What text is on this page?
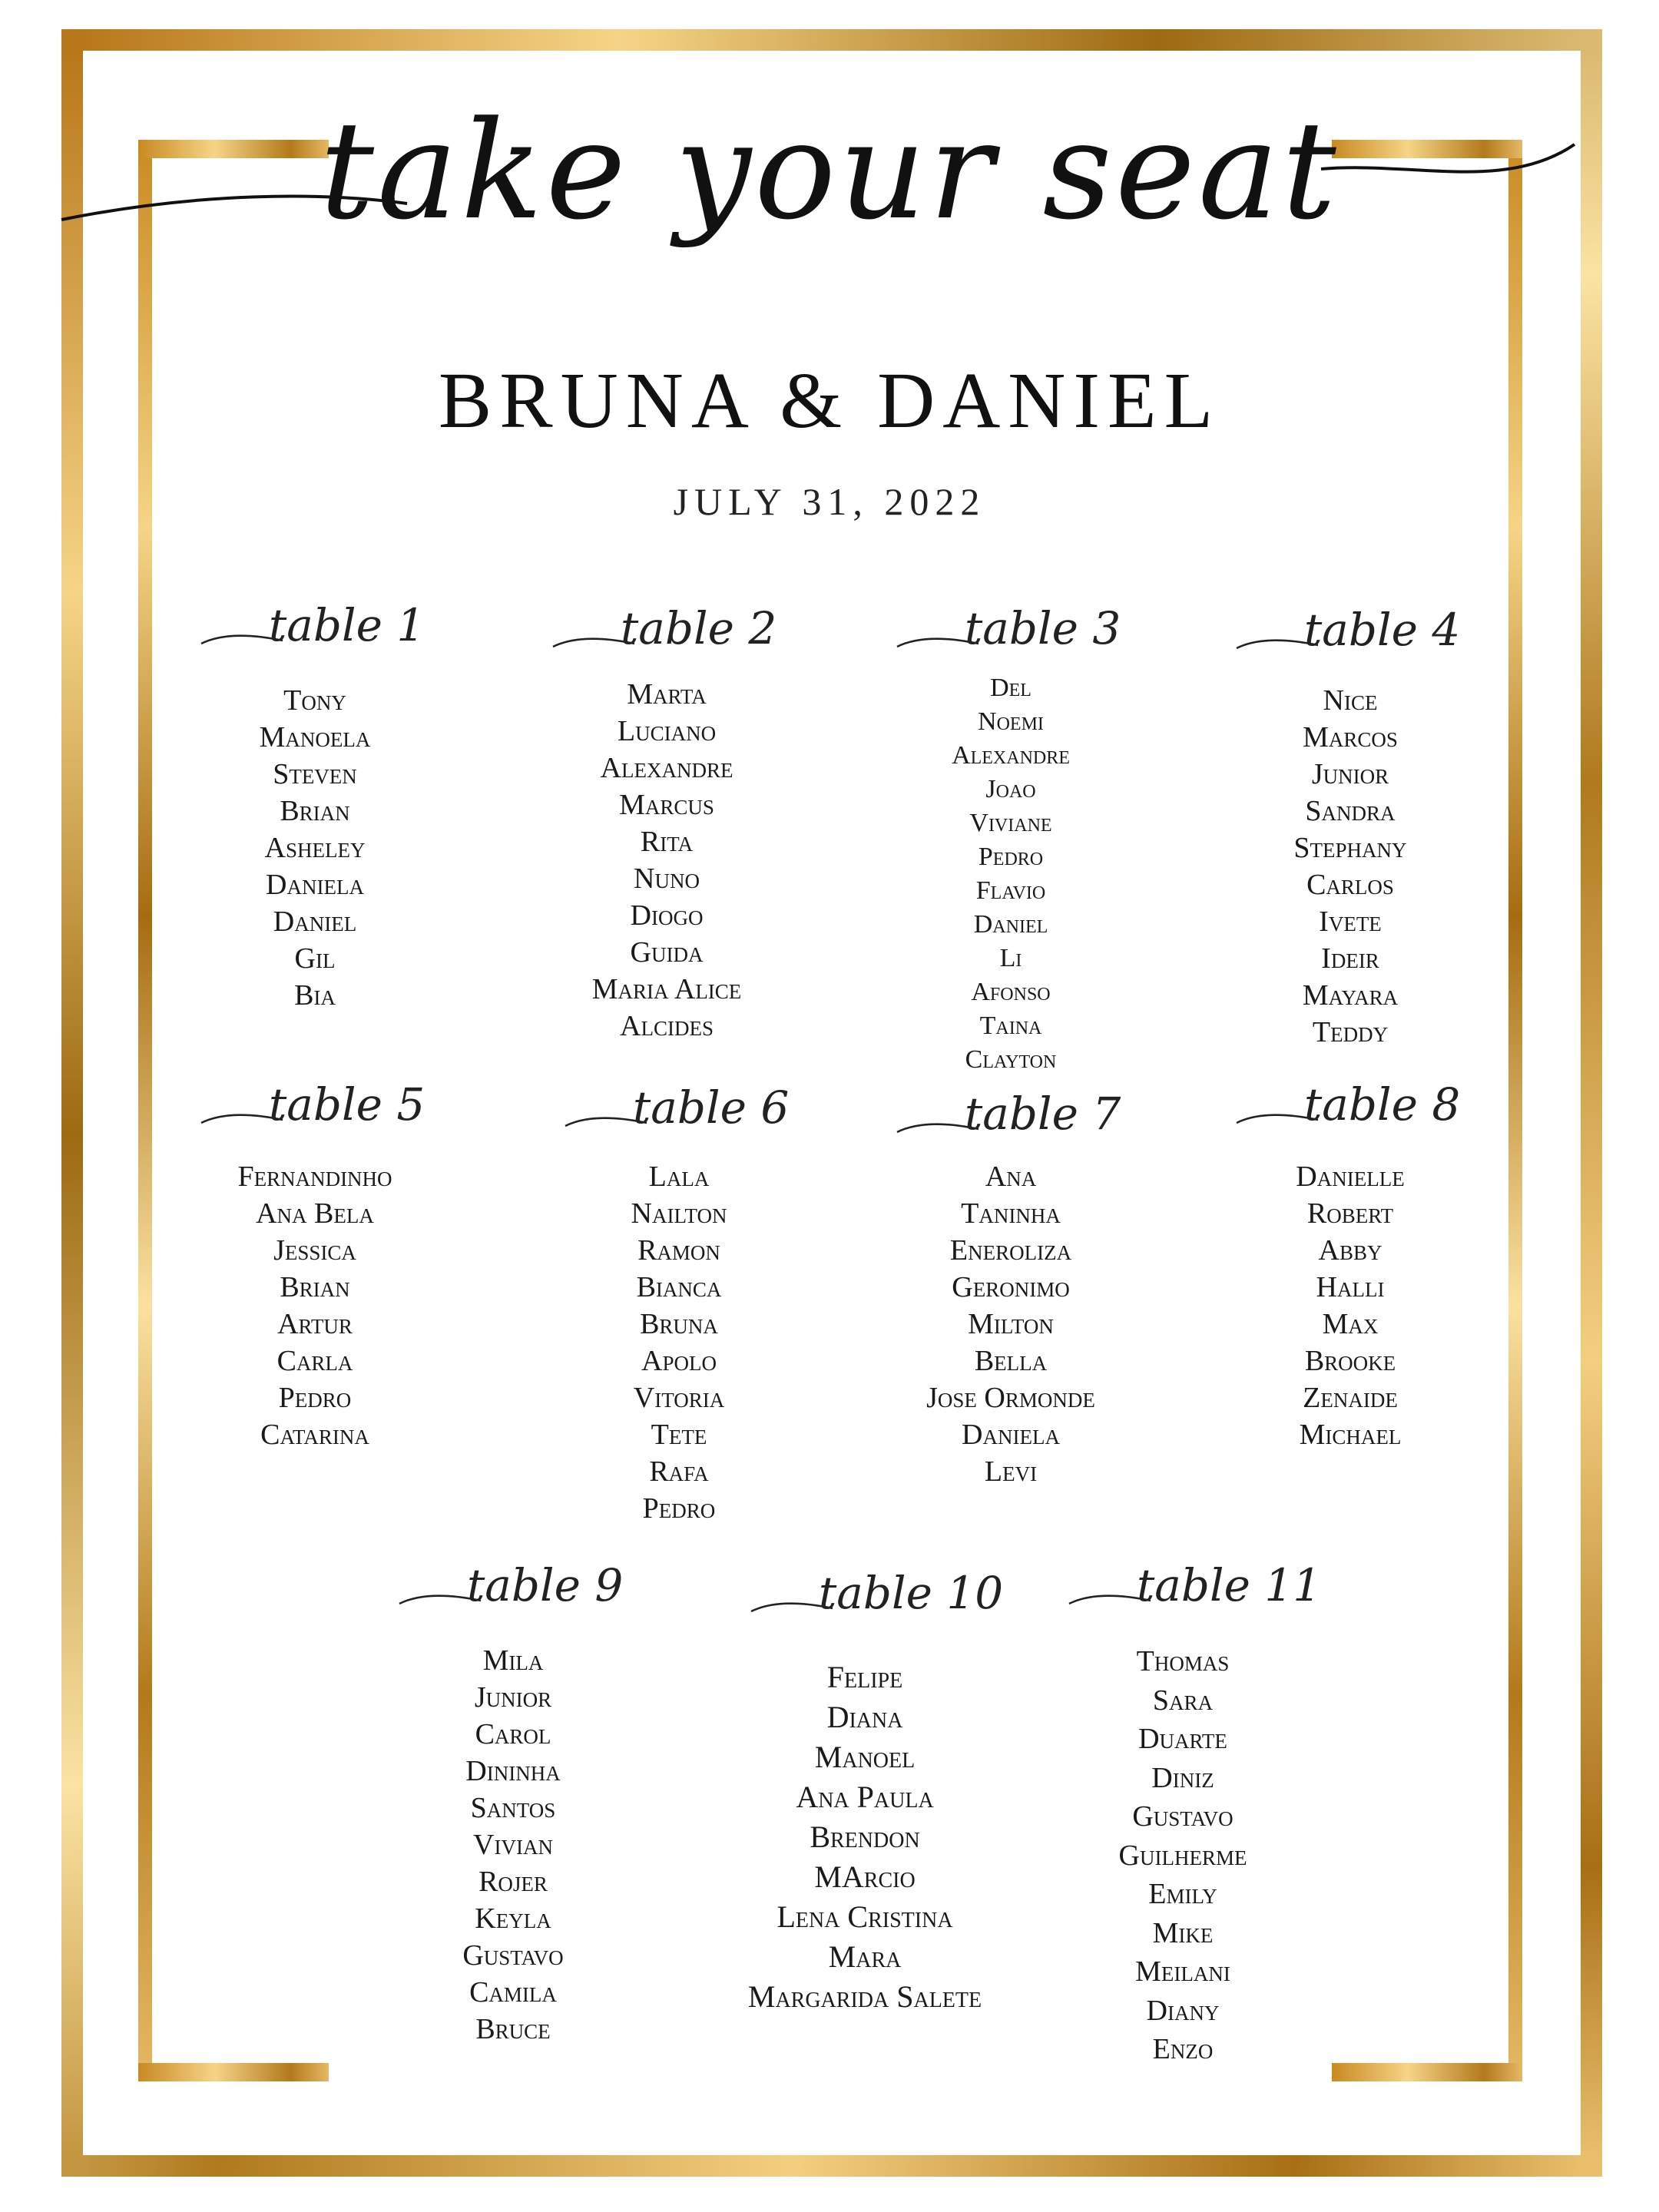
take your seat
BRUNA & DANIEL
JULY 31, 2022
table 1
Tony
Manoela
Steven
Brian
Asheley
Daniela
Daniel
Gil
Bia
table 2
Marta
Luciano
Alexandre
Marcus
Rita
Nuno
Diogo
Guida
Maria Alice
Alcides
table 3
Del
Noemi
Alexandre
Joao
Viviane
Pedro
Flavio
Daniel
Li
Afonso
Taina
Clayton
table 4
Nice
Marcos
Junior
Sandra
Stephany
Carlos
Ivete
Ideir
Mayara
Teddy
table 5
Fernandinho
Ana Bela
Jessica
Brian
Artur
Carla
Pedro
Catarina
table 6
Lala
Nailton
Ramon
Bianca
Bruna
Apolo
Vitoria
Tete
Rafa
Pedro
table 7
Ana
Taninha
Eneroliza
Geronimo
Milton
Bella
Jose Ormonde
Daniela
Levi
table 8
Danielle
Robert
Abby
Halli
Max
Brooke
Zenaide
Michael
table 9
Mila
Junior
Carol
Dininha
Santos
Vivian
Rojer
Keyla
Gustavo
Camila
Bruce
table 10
Felipe
Diana
Manoel
Ana Paula
Brendon
MArcio
Lena Cristina
Mara
Margarida Salete
table 11
Thomas
Sara
Duarte
Diniz
Gustavo
Guilherme
Emily
Mike
Meilani
Diany
Enzo
